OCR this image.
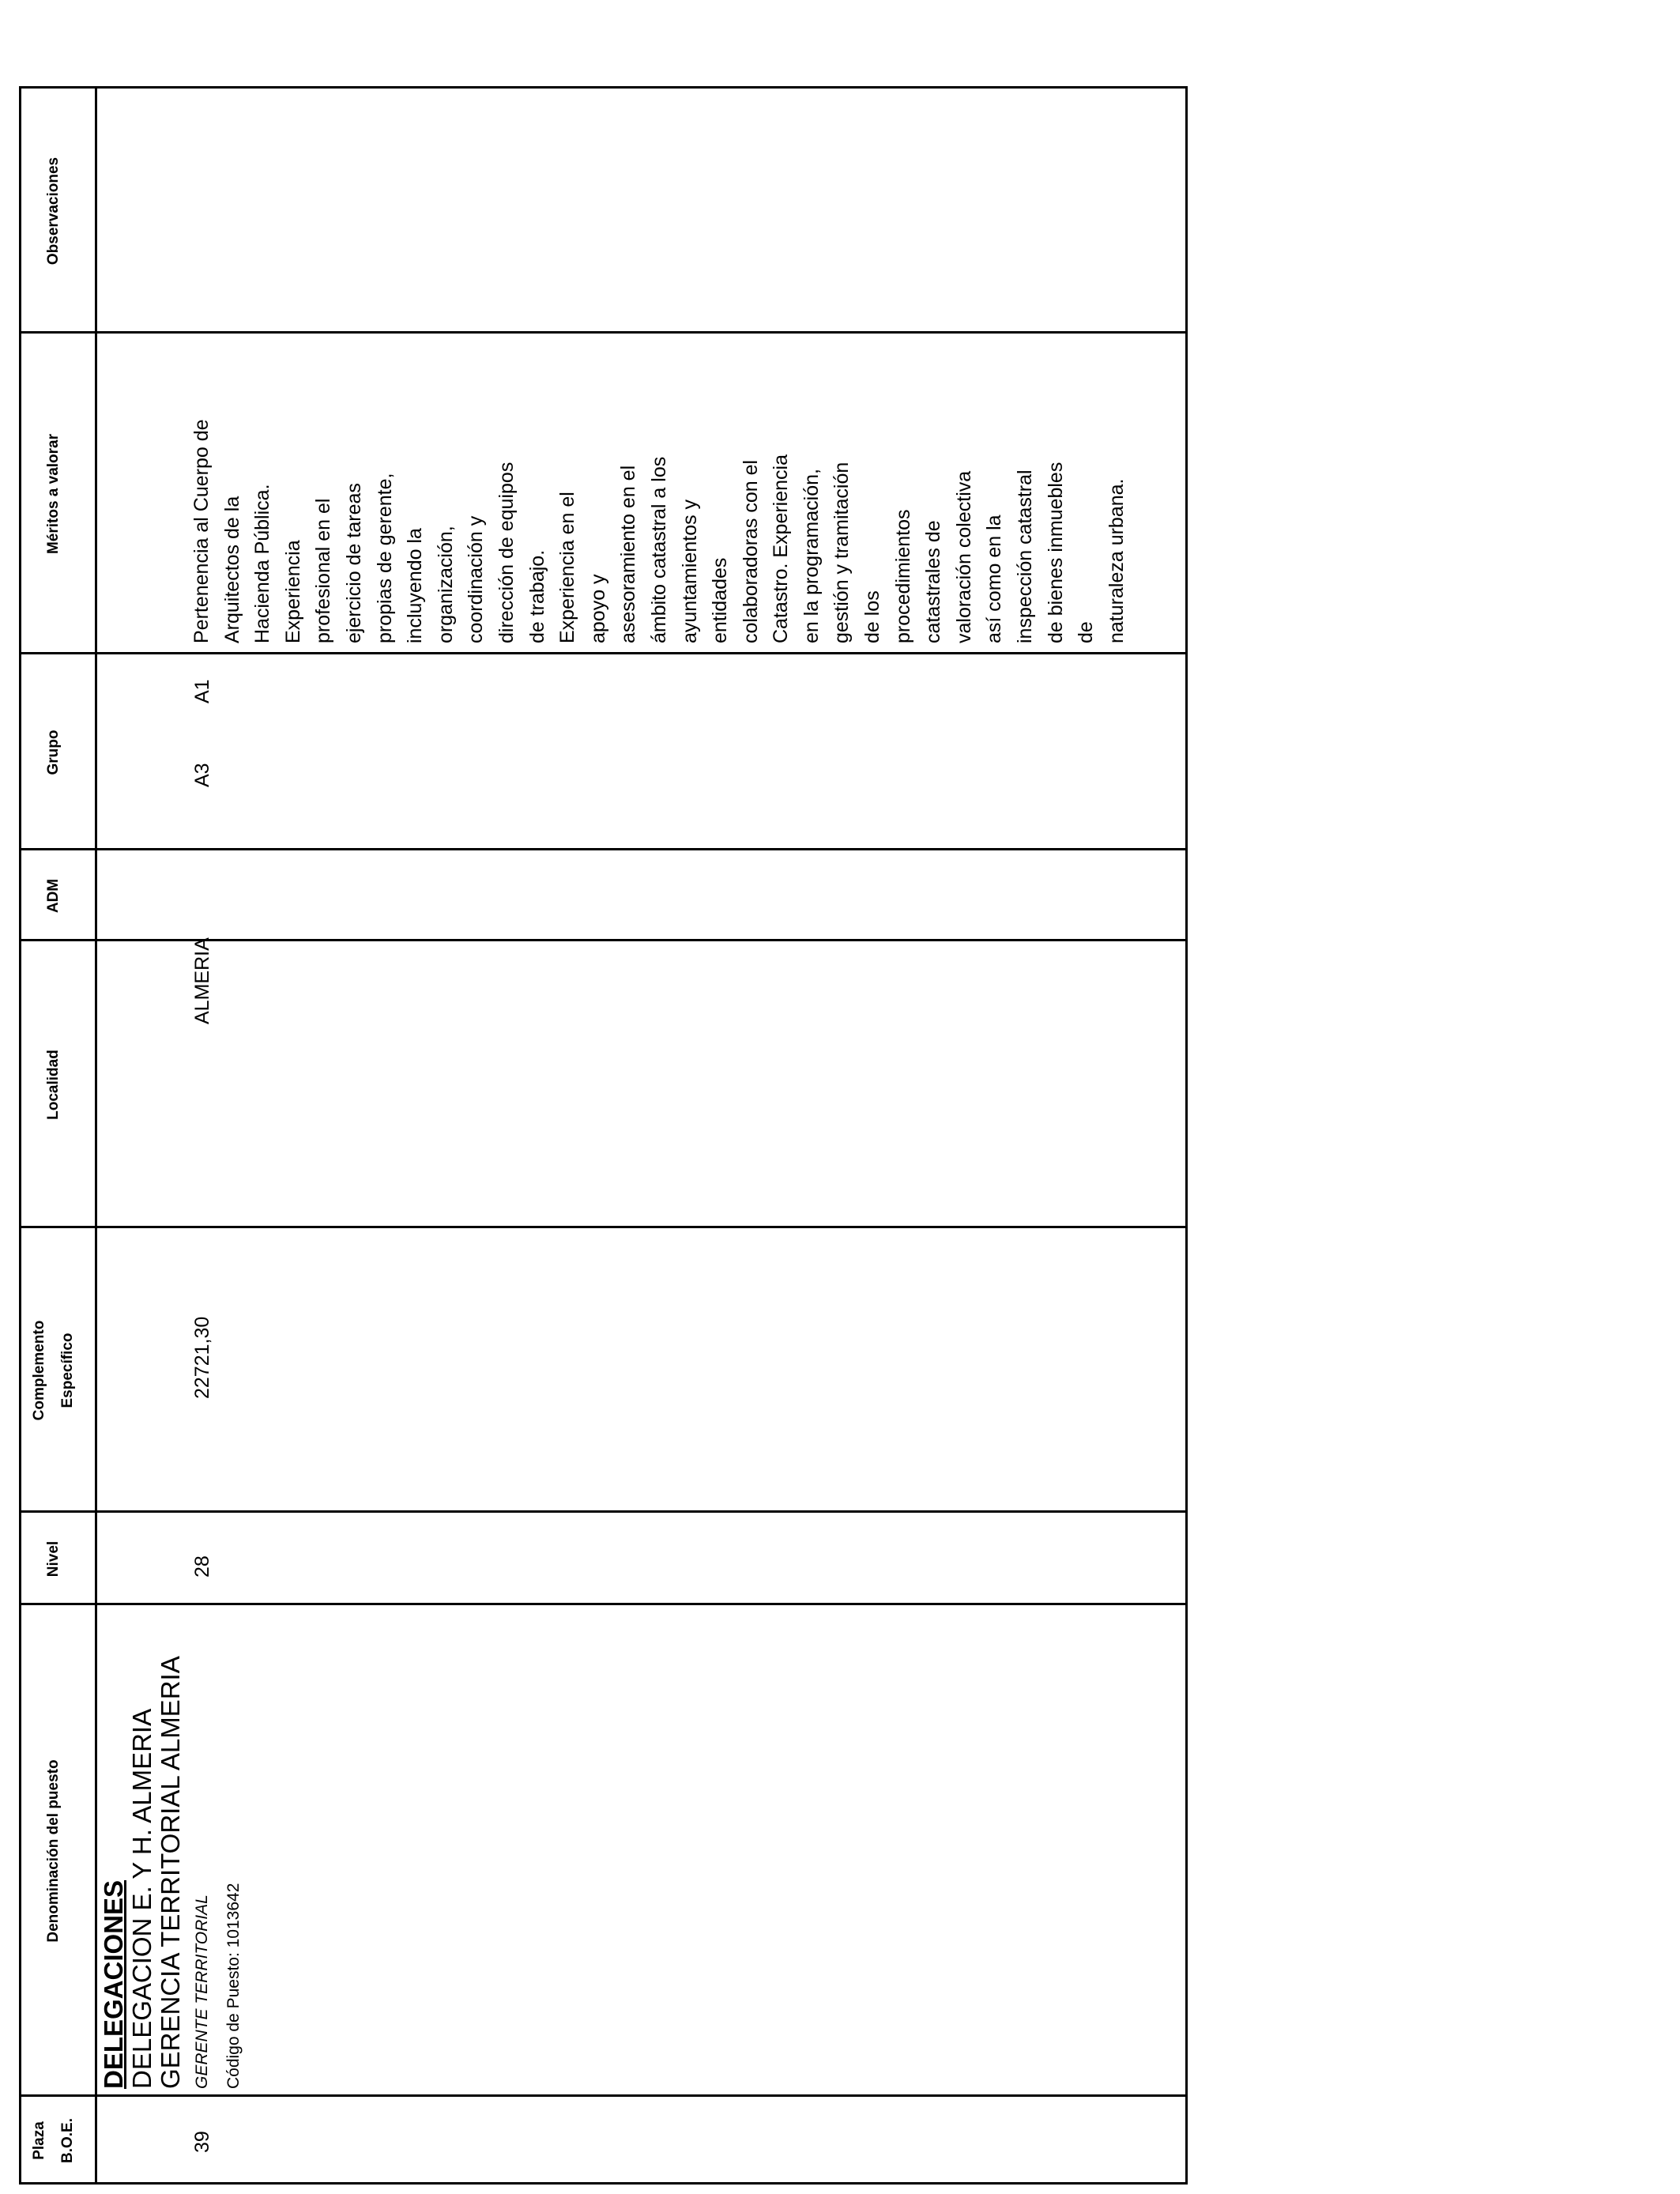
Plaza B.O.E.
Denominación del puesto
Nivel
Complemento Específico
Localidad
ADM
Grupo
Méritos a valorar
Observaciones
39
DELEGACIONES DELEGACION E. Y H. ALMERIA GERENCIA TERRITORIAL ALMERIA GERENTE TERRITORIAL Código de Puesto: 1013642
28
22721,30
ALMERIA
A3
A1
Pertenencia al Cuerpo de Arquitectos de la Hacienda Pública. Experiencia profesional en el ejercicio de tareas propias de gerente, incluyendo la organización, coordinación y dirección de equipos de trabajo. Experiencia en el apoyo y asesoramiento en el ámbito catastral a los ayuntamientos y entidades colaboradoras con el Catastro. Experiencia en la programación, gestión y tramitación de los procedimientos catastrales de valoración colectiva así como en la inspección catastral de bienes inmuebles de naturaleza urbana.
